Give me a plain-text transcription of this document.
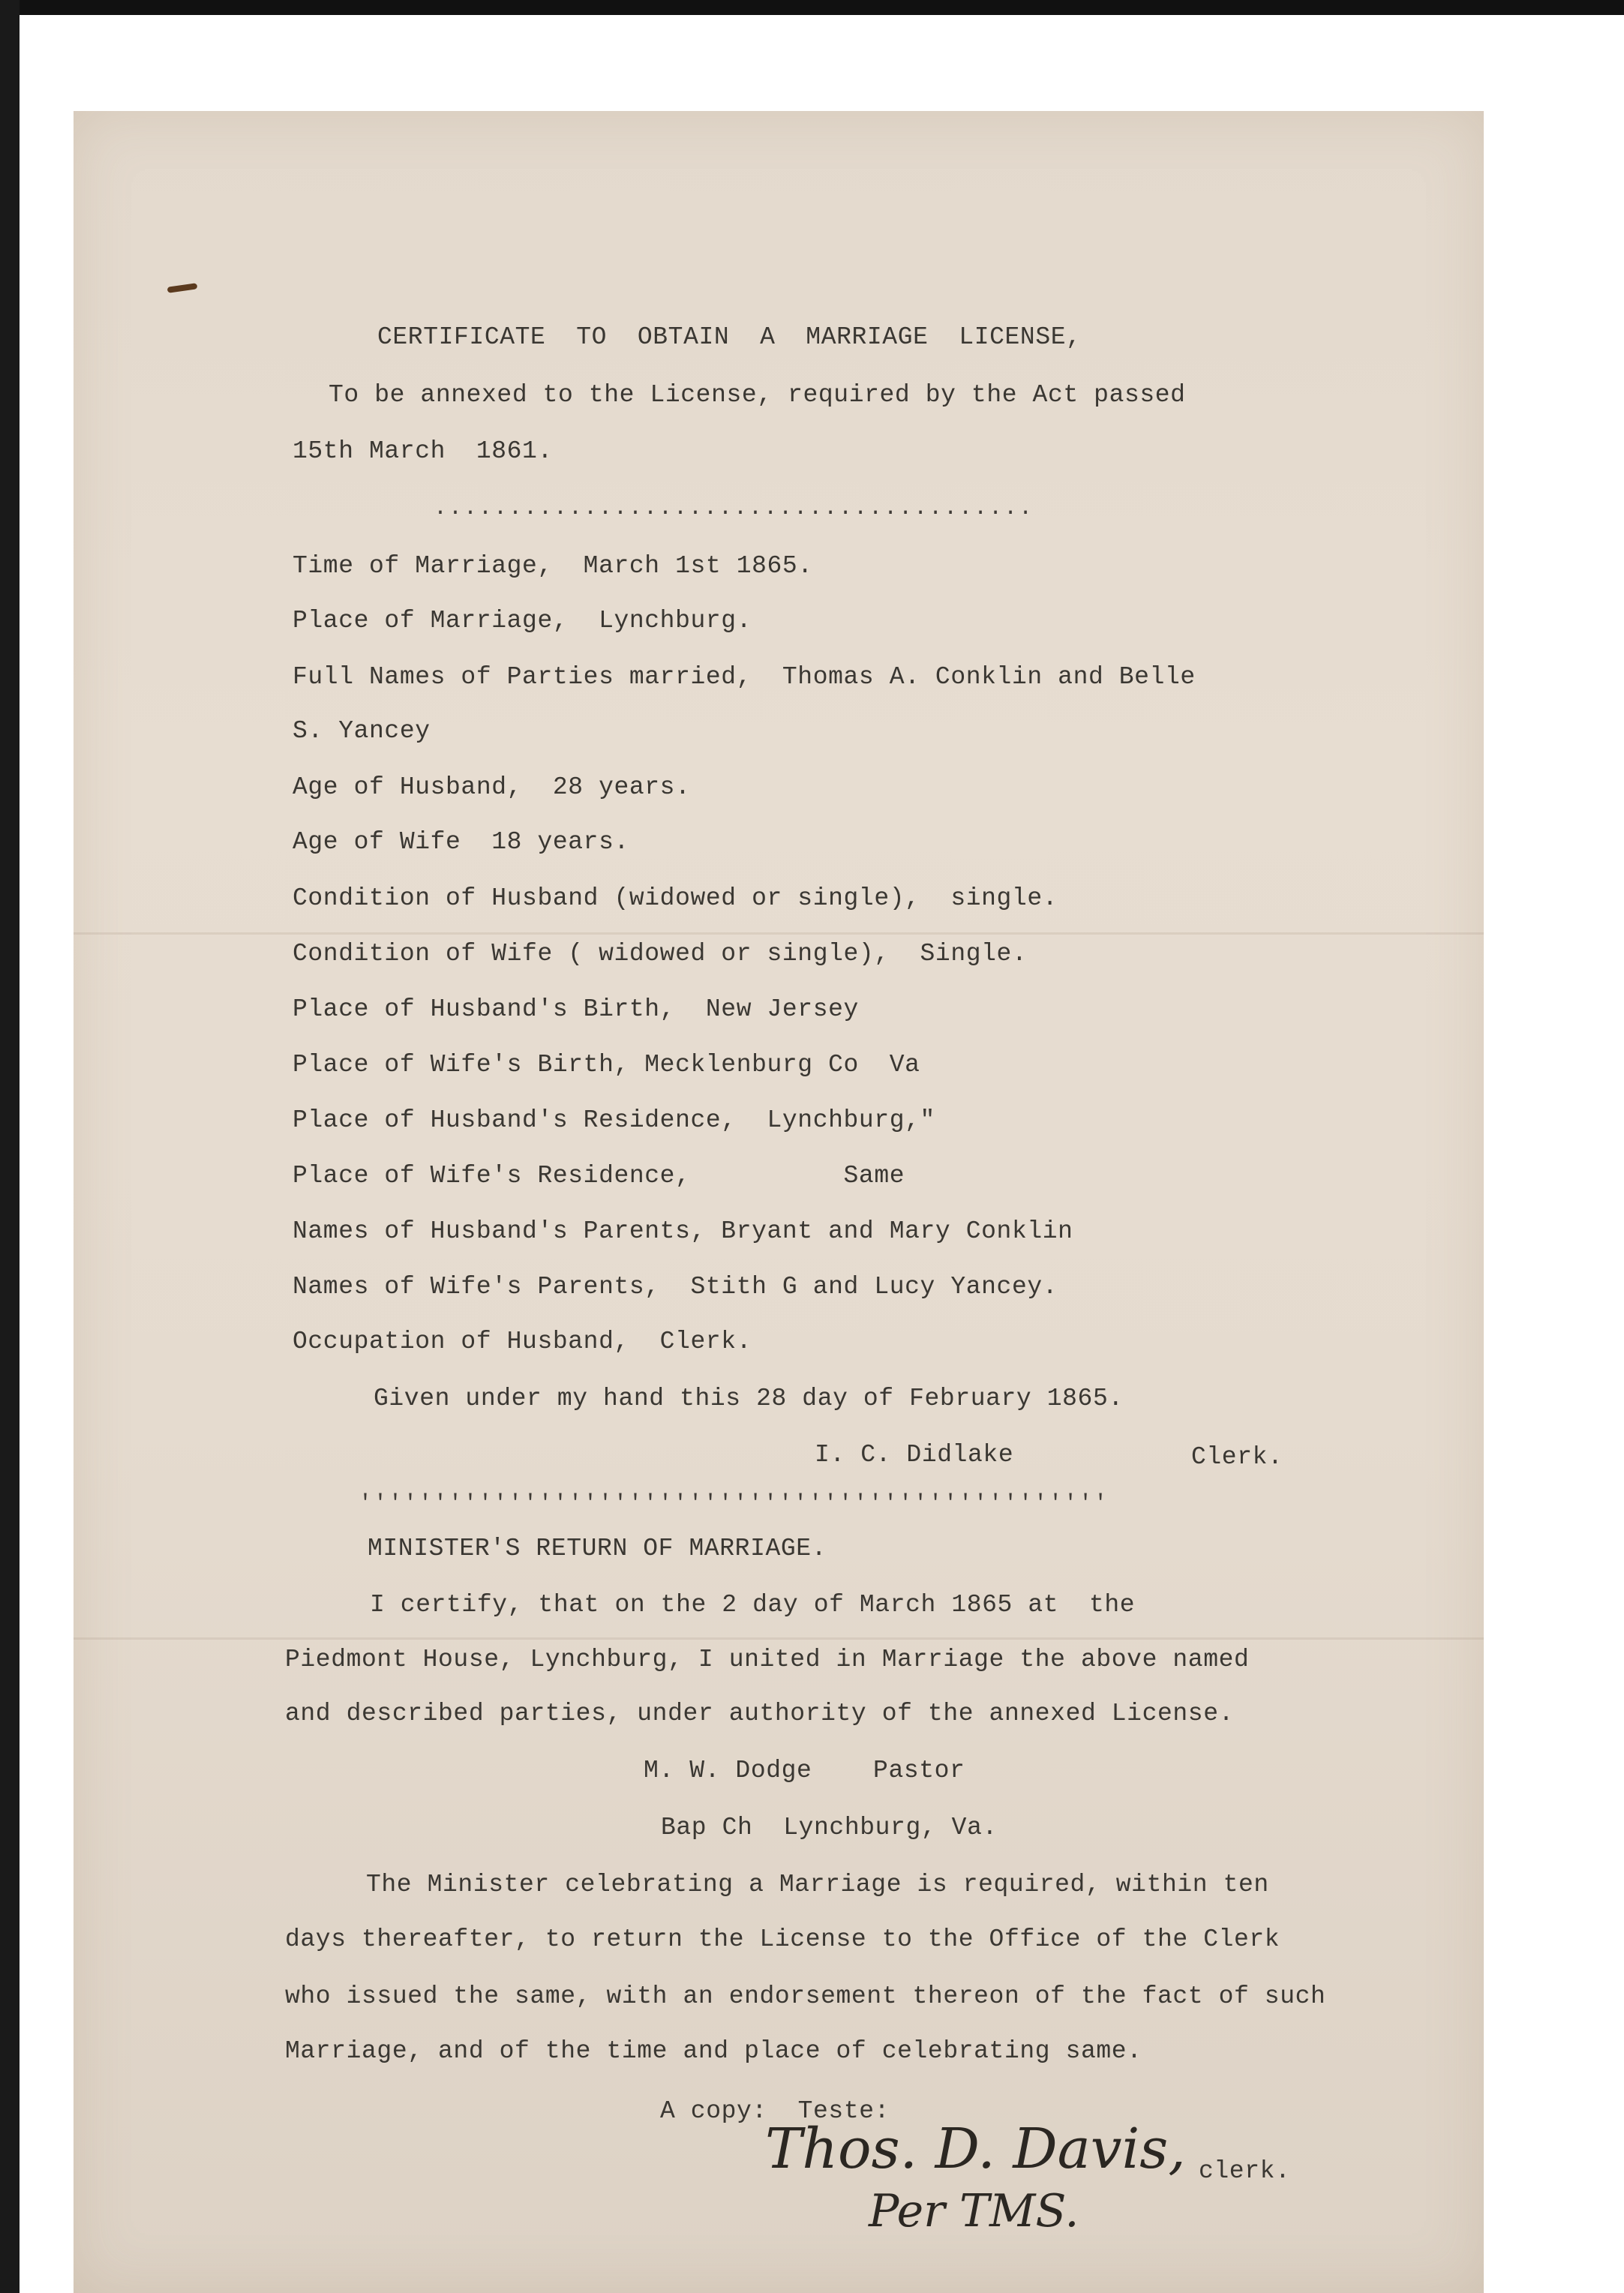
CERTIFICATE  TO  OBTAIN  A  MARRIAGE  LICENSE,
To be annexed to the License, required by the Act passed
15th March  1861.
........................................
Time of Marriage,  March 1st 1865.
Place of Marriage,  Lynchburg.
Full Names of Parties married,  Thomas A. Conklin and Belle
S. Yancey
Age of Husband,  28 years.
Age of Wife  18 years.
Condition of Husband (widowed or single),  single.
Condition of Wife ( widowed or single),  Single.
Place of Husband's Birth,  New Jersey
Place of Wife's Birth, Mecklenburg Co  Va
Place of Husband's Residence,  Lynchburg,"
Place of Wife's Residence,          Same
Names of Husband's Parents, Bryant and Mary Conklin
Names of Wife's Parents,  Stith G and Lucy Yancey.
Occupation of Husband,  Clerk.
Given under my hand this 28 day of February 1865.
I. C. Didlake	Clerk.
''''''''''''''''''''''''''''''''''''''''''''''''''
MINISTER'S RETURN OF MARRIAGE.
I certify, that on the 2 day of March 1865 at  the
Piedmont House, Lynchburg, I united in Marriage the above named
and described parties, under authority of the annexed License.
M. W. Dodge    Pastor
Bap Ch  Lynchburg, Va.
The Minister celebrating a Marriage is required, within ten
days thereafter, to return the License to the Office of the Clerk
who issued the same, with an endorsement thereon of the fact of such
Marriage, and of the time and place of celebrating same.
A copy:  Teste:
Thos. D. Davis, clerk.
Per TMS.
